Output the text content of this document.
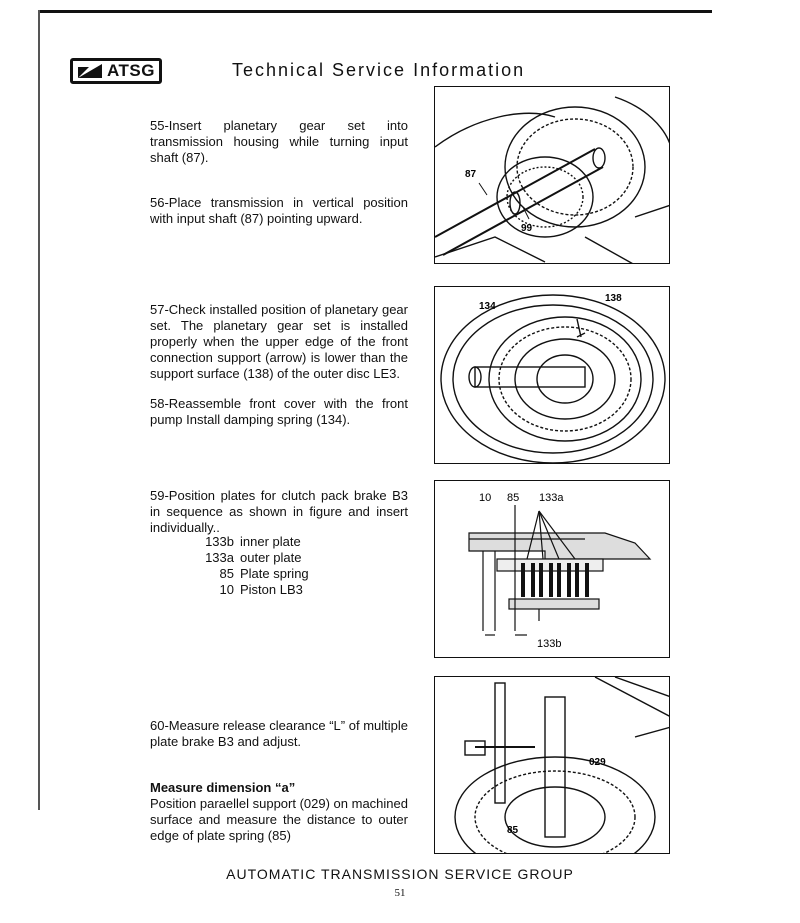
ATSG	Technical Service Information
55-Insert planetary gear set into transmission housing while turning input shaft (87).
56-Place transmission in vertical position with input shaft (87) pointing upward.
57-Check installed position of planetary gear set. The planetary gear set is installed properly when the upper edge of the front connection support (arrow) is lower than the support surface (138) of the outer disc LE3.
58-Reassemble front cover with the front pump Install damping spring (134).
59-Position plates for clutch pack brake B3 in sequence as shown in figure and insert individually..
133b inner plate
133a outer plate
85 Plate spring
10 Piston LB3
60-Measure release clearance “L” of multiple plate brake B3 and adjust.
Measure dimension “a”
Position paraellel support (029) on machined surface and measure the distance to outer edge of plate spring (85)
87
99
134
138
10 85 133a
133b
029
85
AUTOMATIC TRANSMISSION SERVICE GROUP
51
